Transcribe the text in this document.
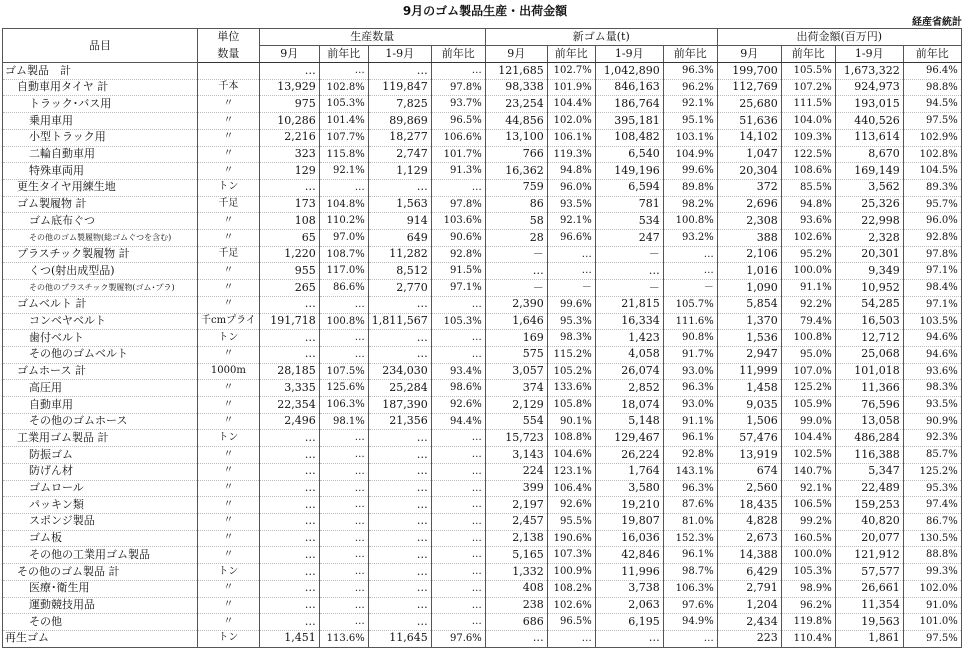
9月のゴム製品生産・出荷金額
経産省統計
品目	単位	生産数量				新ゴム量(t)				出荷金額(百万円)			
	数量	9月	前年比	1-9月	前年比	9月	前年比	1-9月	前年比	9月	前年比	1-9月	前年比
ゴム製品　計		…	…	…	…	121,685	102.7%	1,042,890	96.3%	199,700	105.5%	1,673,322	96.4%
自動車用タイヤ 計	千本	13,929	102.8%	119,847	97.8%	98,338	101.9%	846,163	96.2%	112,769	107.2%	924,973	98.8%
トラック･バス用	〃	975	105.3%	7,825	93.7%	23,254	104.4%	186,764	92.1%	25,680	111.5%	193,015	94.5%
乗用車用	〃	10,286	101.4%	89,869	96.5%	44,856	102.0%	395,181	95.1%	51,636	104.0%	440,526	97.5%
小型トラック用	〃	2,216	107.7%	18,277	106.6%	13,100	106.1%	108,482	103.1%	14,102	109.3%	113,614	102.9%
二輪自動車用	〃	323	115.8%	2,747	101.7%	766	119.3%	6,540	104.9%	1,047	122.5%	8,670	102.8%
特殊車両用	〃	129	92.1%	1,129	91.3%	16,362	94.8%	149,196	99.6%	20,304	108.6%	169,149	104.5%
更生タイヤ用練生地	トン	…	…	…	…	759	96.0%	6,594	89.8%	372	85.5%	3,562	89.3%
ゴム製履物 計	千足	173	104.8%	1,563	97.8%	86	93.5%	781	98.2%	2,696	94.8%	25,326	95.7%
ゴム底布ぐつ	〃	108	110.2%	914	103.6%	58	92.1%	534	100.8%	2,308	93.6%	22,998	96.0%
その他のゴム製履物(総ゴムぐつを含む)	〃	65	97.0%	649	90.6%	28	96.6%	247	93.2%	388	102.6%	2,328	92.8%
プラスチック製履物 計	千足	1,220	108.7%	11,282	92.8%	－	…	－	…	2,106	95.2%	20,301	97.8%
くつ(射出成型品)	〃	955	117.0%	8,512	91.5%	…	…	…	…	1,016	100.0%	9,349	97.1%
その他のプラスチック製履物(ゴム･プラ)	〃	265	86.6%	2,770	97.1%	－	－	－	－	1,090	91.1%	10,952	98.4%
ゴムベルト 計	〃	…	…	…	…	2,390	99.6%	21,815	105.7%	5,854	92.2%	54,285	97.1%
コンベヤベルト	千cmプライ	191,718	100.8%	1,811,567	105.3%	1,646	95.3%	16,334	111.6%	1,370	79.4%	16,503	103.5%
歯付ベルト	トン	…	…	…	…	169	98.3%	1,423	90.8%	1,536	100.8%	12,712	94.6%
その他のゴムベルト	〃	…	…	…	…	575	115.2%	4,058	91.7%	2,947	95.0%	25,068	94.6%
ゴムホース 計	1000m	28,185	107.5%	234,030	93.4%	3,057	105.2%	26,074	93.0%	11,999	107.0%	101,018	93.6%
高圧用	〃	3,335	125.6%	25,284	98.6%	374	133.6%	2,852	96.3%	1,458	125.2%	11,366	98.3%
自動車用	〃	22,354	106.3%	187,390	92.6%	2,129	105.8%	18,074	93.0%	9,035	105.9%	76,596	93.5%
その他のゴムホース	〃	2,496	98.1%	21,356	94.4%	554	90.1%	5,148	91.1%	1,506	99.0%	13,058	90.9%
工業用ゴム製品 計	トン	…	…	…	…	15,723	108.8%	129,467	96.1%	57,476	104.4%	486,284	92.3%
防振ゴム	〃	…	…	…	…	3,143	104.6%	26,224	92.8%	13,919	102.5%	116,388	85.7%
防げん材	〃	…	…	…	…	224	123.1%	1,764	143.1%	674	140.7%	5,347	125.2%
ゴムロール	〃	…	…	…	…	399	106.4%	3,580	96.3%	2,560	92.1%	22,489	95.3%
パッキン類	〃	…	…	…	…	2,197	92.6%	19,210	87.6%	18,435	106.5%	159,253	97.4%
スポンジ製品	〃	…	…	…	…	2,457	95.5%	19,807	81.0%	4,828	99.2%	40,820	86.7%
ゴム板	〃	…	…	…	…	2,138	190.6%	16,036	152.3%	2,673	160.5%	20,077	130.5%
その他の工業用ゴム製品	〃	…	…	…	…	5,165	107.3%	42,846	96.1%	14,388	100.0%	121,912	88.8%
その他のゴム製品 計	トン	…	…	…	…	1,332	100.9%	11,996	98.7%	6,429	105.3%	57,577	99.3%
医療･衛生用	〃	…	…	…	…	408	108.2%	3,738	106.3%	2,791	98.9%	26,661	102.0%
運動競技用品	〃	…	…	…	…	238	102.6%	2,063	97.6%	1,204	96.2%	11,354	91.0%
その他	〃	…	…	…	…	686	96.5%	6,195	94.9%	2,434	119.8%	19,563	101.0%
再生ゴム	トン	1,451	113.6%	11,645	97.6%	…	…	…	…	223	110.4%	1,861	97.5%
